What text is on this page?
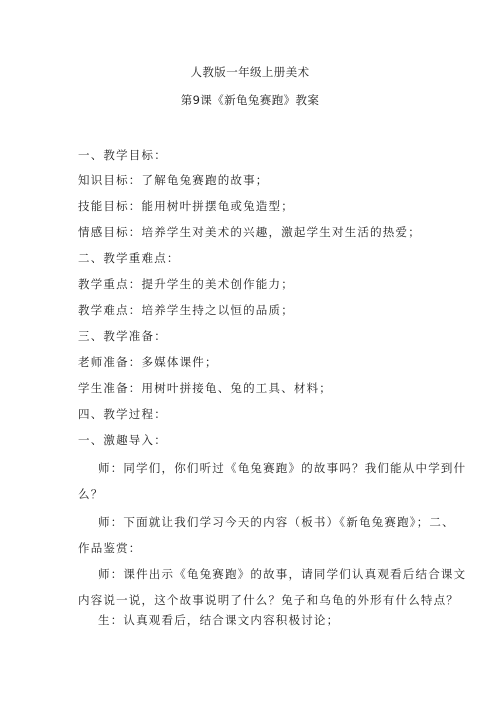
人教版一年级上册美术
第9课《新龟兔赛跑》教案
一、教学目标：
知识目标：了解龟兔赛跑的故事；
技能目标：能用树叶拼摆龟或兔造型；
情感目标：培养学生对美术的兴趣，激起学生对生活的热爱；
二、教学重难点：
教学重点：提升学生的美术创作能力；
教学难点：培养学生持之以恒的品质；
三、教学准备：
老师准备：多媒体课件；
学生准备：用树叶拼接龟、兔的工具、材料；
四、教学过程：
一、激趣导入：
师：同学们，你们听过《龟兔赛跑》的故事吗？我们能从中学到什
么？
师：下面就让我们学习今天的内容（板书）《新龟兔赛跑》；二、
作品鉴赏：
师：课件出示《龟兔赛跑》的故事，请同学们认真观看后结合课文
内容说一说，这个故事说明了什么？兔子和乌龟的外形有什么特点？
生：认真观看后，结合课文内容积极讨论；
